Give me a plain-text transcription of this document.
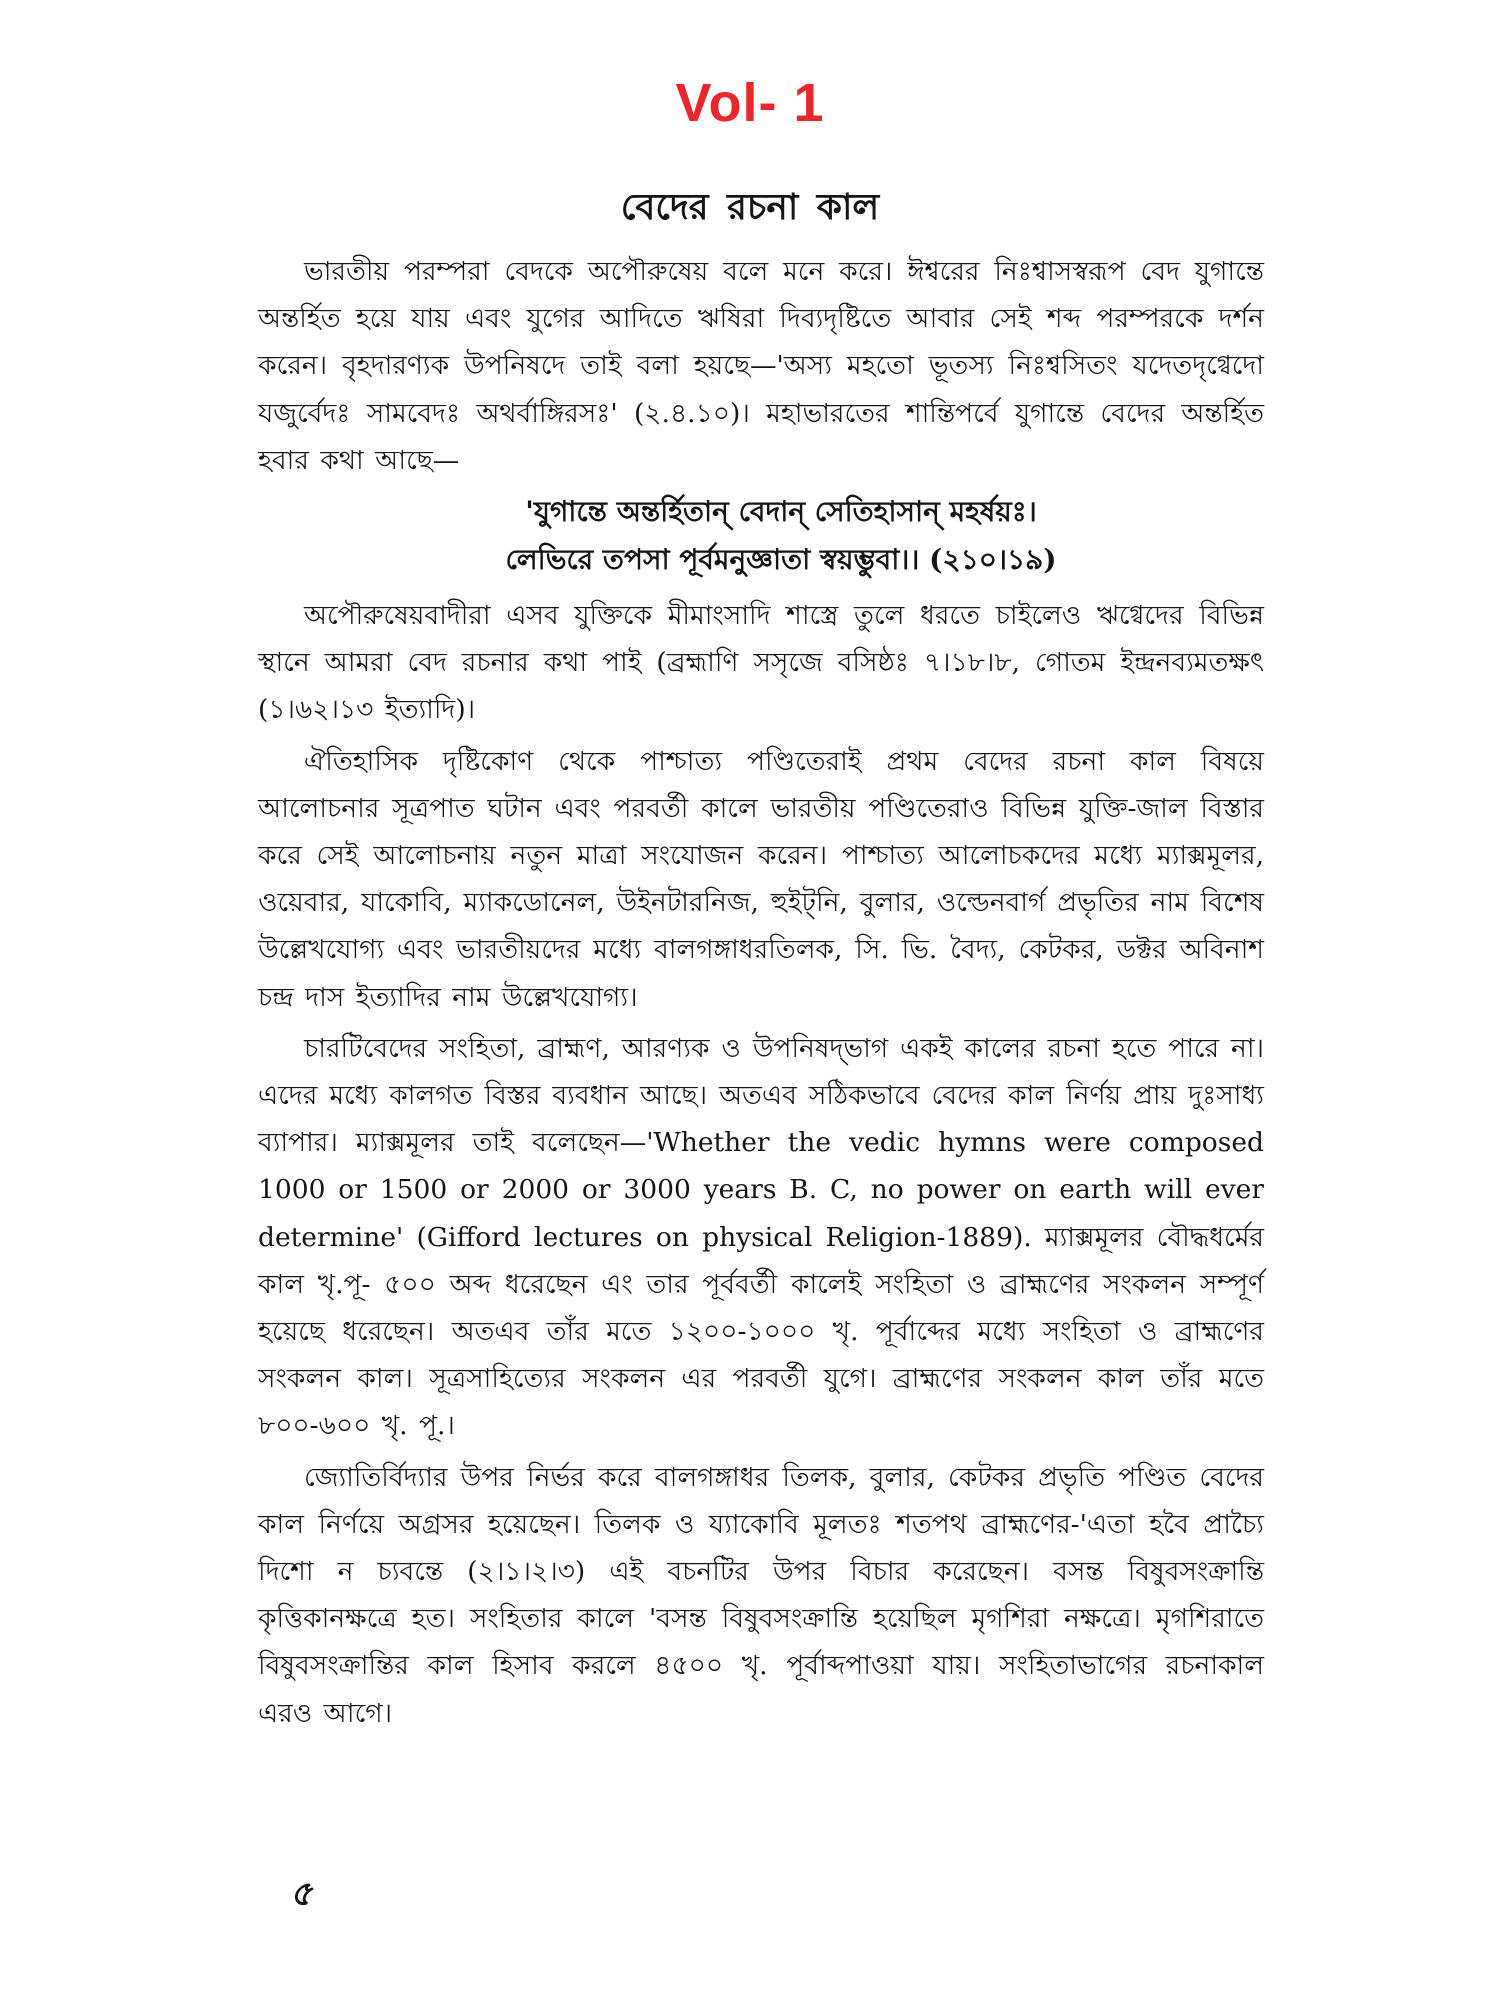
Vol- 1
বেদের রচনা কাল

ভারতীয় পরম্পরা বেদকে অপৌরুষেয় বলে মনে করে। ঈশ্বরের নিঃশ্বাসস্বরূপ বেদ যুগান্তে অন্তর্হিত হয়ে যায় এবং যুগের আদিতে ঋষিরা দিব্যদৃষ্টিতে আবার সেই শব্দ পরম্পরকে দর্শন করেন। বৃহদারণ্যক উপনিষদে তাই বলা হয়ছে—'অস্য মহতো ভূতস্য নিঃশ্বসিতং যদেতদৃগ্বেদো যজুর্বেদঃ সামবেদঃ অথর্বাঙ্গিরসঃ' (২.৪.১০)। মহাভারতের শান্তিপর্বে যুগান্তে বেদের অন্তর্হিত হবার কথা আছে—

'যুগান্তে অন্তর্হিতান্ বেদান্ সেতিহাসান্ মহর্ষয়ঃ।

লেভিরে তপসা পূর্বমনুজ্ঞাতা স্বয়ম্ভুবা।। (২১০।১৯)

অপৌরুষেয়বাদীরা এসব যুক্তিকে মীমাংসাদি শাস্ত্রে তুলে ধরতে চাইলেও ঋগ্বেদের বিভিন্ন স্থানে আমরা বেদ রচনার কথা পাই (ব্রহ্মাণি সসৃজে বসিষ্ঠঃ ৭।১৮।৮, গোতম ইন্দ্রনব্যমতক্ষৎ (১।৬২।১৩ ইত্যাদি)।

ঐতিহাসিক দৃষ্টিকোণ থেকে পাশ্চাত্য পণ্ডিতেরাই প্রথম বেদের রচনা কাল বিষয়ে আলোচনার সূত্রপাত ঘটান এবং পরবর্তী কালে ভারতীয় পণ্ডিতেরাও বিভিন্ন যুক্তি-জাল বিস্তার করে সেই আলোচনায় নতুন মাত্রা সংযোজন করেন। পাশ্চাত্য আলোচকদের মধ্যে ম্যাক্সমূলর, ওয়েবার, যাকোবি, ম্যাকডোনেল, উইনটারনিজ, হুইট্‌নি, বুলার, ওল্ডেনবার্গ প্রভৃতির নাম বিশেষ উল্লেখযোগ্য এবং ভারতীয়দের মধ্যে বালগঙ্গাধরতিলক, সি. ভি. বৈদ্য, কেটকর, ডক্টর অবিনাশ চন্দ্র দাস ইত্যাদির নাম উল্লেখযোগ্য।

চারটিবেদের সংহিতা, ব্রাহ্মণ, আরণ্যক ও উপনিষদ্‌ভাগ একই কালের রচনা হতে পারে না। এদের মধ্যে কালগত বিস্তর ব্যবধান আছে। অতএব সঠিকভাবে বেদের কাল নির্ণয় প্রায় দুঃসাধ্য ব্যাপার। ম্যাক্সমূলর তাই বলেছেন—'Whether the vedic hymns were composed 1000 or 1500 or 2000 or 3000 years B. C, no power on earth will ever determine' (Gifford lectures on physical Religion-1889). ম্যাক্সমূলর বৌদ্ধধর্মের কাল খৃ.পূ- ৫০০ অব্দ ধরেছেন এং তার পূর্ববর্তী কালেই সংহিতা ও ব্রাহ্মণের সংকলন সম্পূর্ণ হয়েছে ধরেছেন। অতএব তাঁর মতে ১২০০-১০০০ খৃ. পূর্বাব্দের মধ্যে সংহিতা ও ব্রাহ্মণের সংকলন কাল। সূত্রসাহিত্যের সংকলন এর পরবর্তী যুগে। ব্রাহ্মণের সংকলন কাল তাঁর মতে ৮০০-৬০০ খৃ. পূ.।

জ্যোতির্বিদ্যার উপর নির্ভর করে বালগঙ্গাধর তিলক, বুলার, কেটকর প্রভৃতি পণ্ডিত বেদের কাল নির্ণয়ে অগ্রসর হয়েছেন। তিলক ও য্যাকোবি মূলতঃ শতপথ ব্রাহ্মণের-'এতা হবৈ প্রাচ্যৈ দিশো ন চ্যবন্তে (২।১।২।৩) এই বচনটির উপর বিচার করেছেন। বসন্ত বিষুবসংক্রান্তি কৃত্তিকানক্ষত্রে হত। সংহিতার কালে 'বসন্ত বিষুবসংক্রান্তি হয়েছিল মৃগশিরা নক্ষত্রে। মৃগশিরাতে বিষুবসংক্রান্তির কাল হিসাব করলে ৪৫০০ খৃ. পূর্বাব্দপাওয়া যায়। সংহিতাভাগের রচনাকাল এরও আগে।

৫
